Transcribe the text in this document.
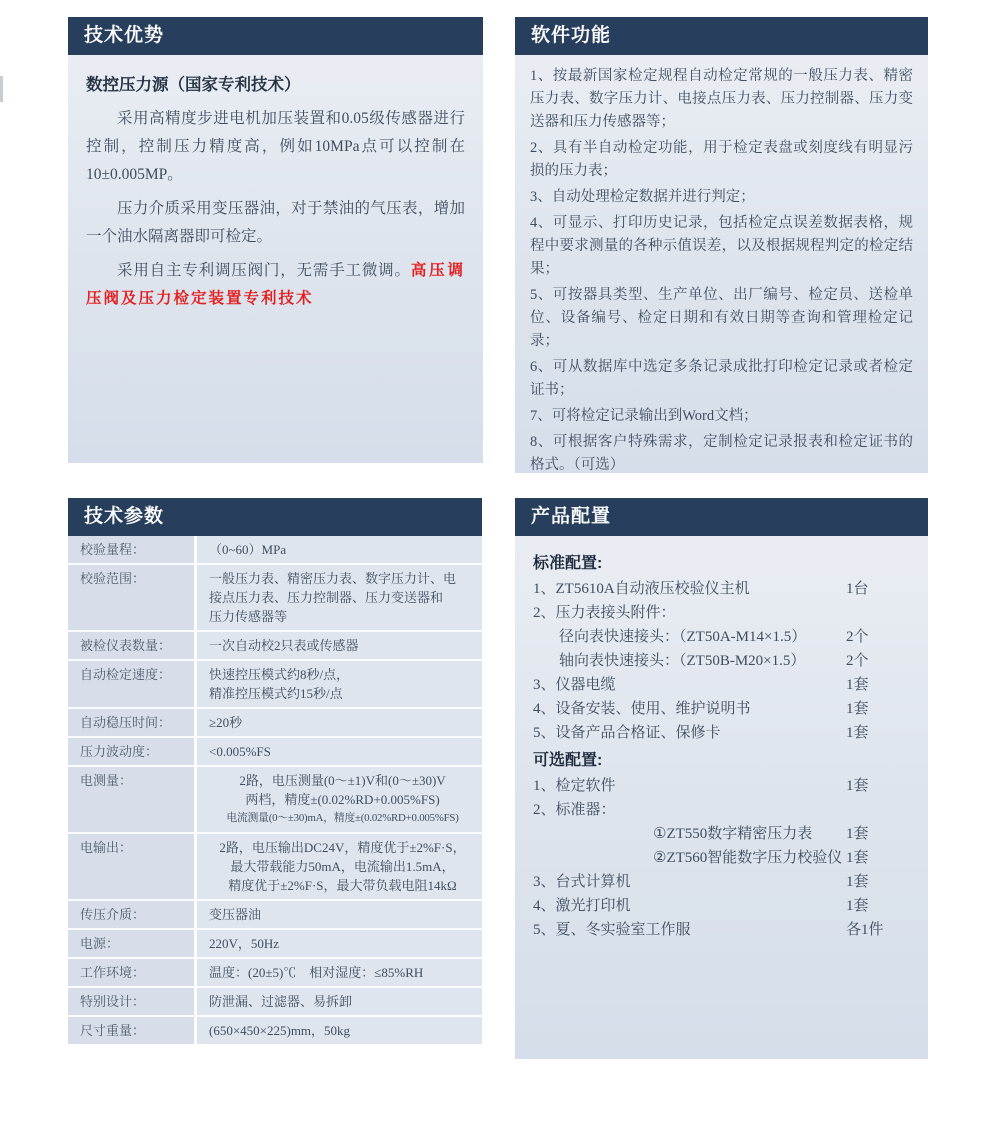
技术优势
数控压力源（国家专利技术）

采用高精度步进电机加压装置和0.05级传感器进行控制，控制压力精度高，例如10MPa点可以控制在10±0.005MP。

压力介质采用变压器油，对于禁油的气压表，增加一个油水隔离器即可检定。

采用自主专利调压阀门，无需手工微调。高压调压阀及压力检定装置专利技术

软件功能
1、按最新国家检定规程自动检定常规的一般压力表、精密压力表、数字压力计、电接点压力表、压力控制器、压力变送器和压力传感器等；
2、具有半自动检定功能，用于检定表盘或刻度线有明显污损的压力表；
3、自动处理检定数据并进行判定；
4、可显示、打印历史记录，包括检定点误差数据表格，规程中要求测量的各种示值误差，以及根据规程判定的检定结果；
5、可按器具类型、生产单位、出厂编号、检定员、送检单位、设备编号、检定日期和有效日期等查询和管理检定记录；
6、可从数据库中选定多条记录成批打印检定记录或者检定证书；
7、可将检定记录输出到Word文档；
8、可根据客户特殊需求，定制检定记录报表和检定证书的格式。（可选）
技术参数
校验量程：	（0~60）MPa
校验范围：	一般压力表、精密压力表、数字压力计、电
接点压力表、压力控制器、压力变送器和
压力传感器等
被检仪表数量：	一次自动校2只表或传感器
自动检定速度：	快速控压模式约8秒/点，
精准控压模式约15秒/点
自动稳压时间：	≥20秒
压力波动度：	<0.005%FS
电测量：	2路，电压测量(0～±1)V和(0～±30)V
两档，精度±(0.02%RD+0.005%FS)
电流测量(0～±30)mA，精度±(0.02%RD+0.005%FS)
电输出：	2路，电压输出DC24V，精度优于±2%F·S，
最大带载能力50mA，电流输出1.5mA，
精度优于±2%F·S，最大带负载电阻14kΩ
传压介质：	变压器油
电源：	220V，50Hz
工作环境：	温度：(20±5)℃　相对湿度：≤85%RH
特别设计：	防泄漏、过滤器、易拆卸
尺寸重量：	(650×450×225)mm，50kg
产品配置
标准配置:
1、ZT5610A自动液压校验仪主机	1台
2、压力表接头附件：
径向表快速接头：（ZT50A-M14×1.5）	2个
轴向表快速接头：（ZT50B-M20×1.5）	2个
3、仪器电缆	1套
4、设备安装、使用、维护说明书	1套
5、设备产品合格证、保修卡	1套
可选配置:
1、检定软件	1套
2、标准器：
①ZT550数字精密压力表	1套
②ZT560智能数字压力校验仪 1套
3、台式计算机	1套
4、激光打印机	1套
5、夏、冬实验室工作服	各1件
